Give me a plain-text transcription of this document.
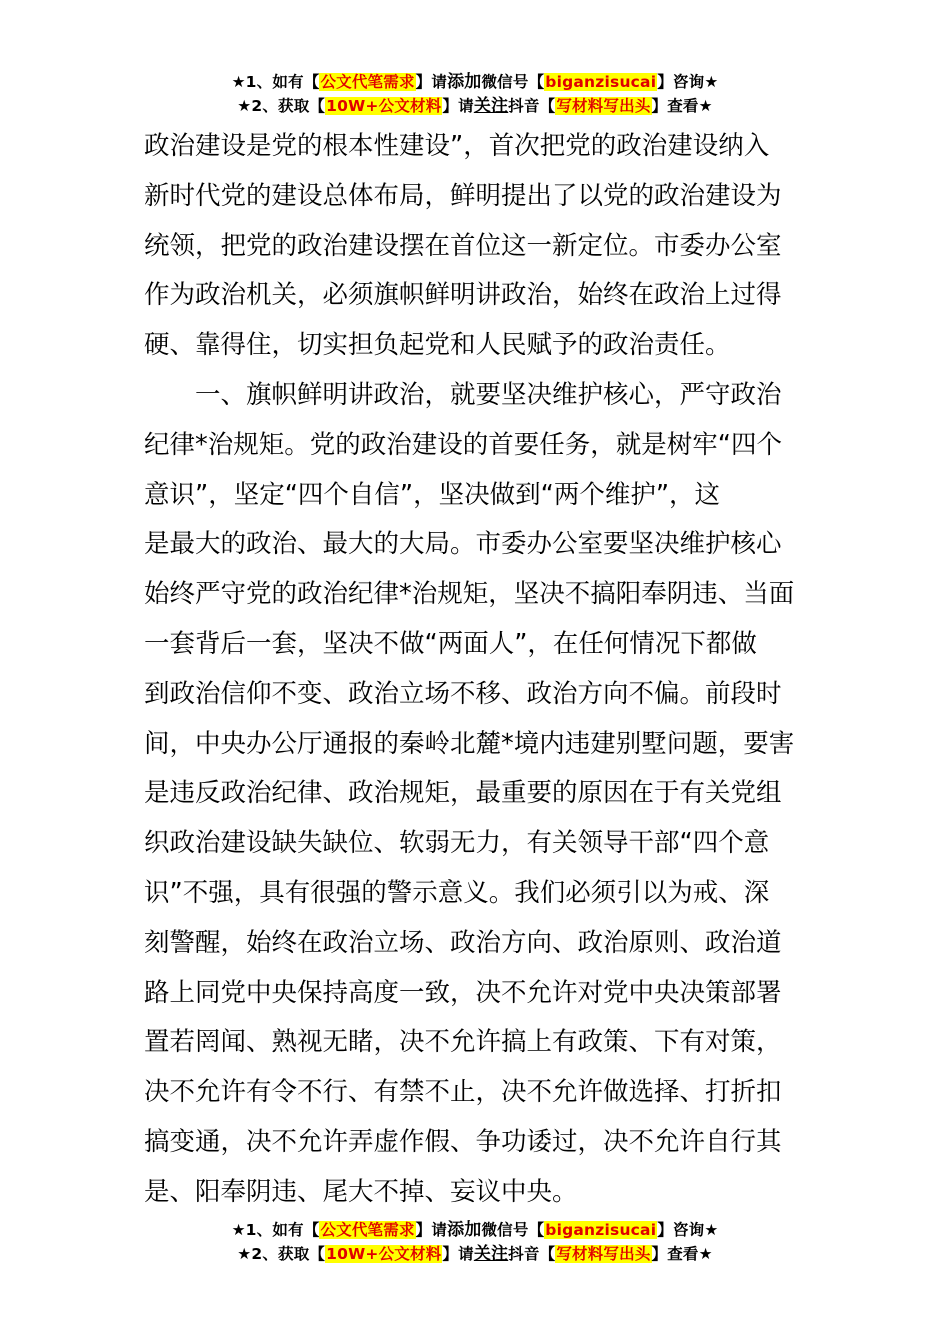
★1、如有【公文代笔需求】请添加微信号【biganzisucai】咨询★
★2、获取【10W+公文材料】请关注抖音【写材料写出头】查看★
政治建设是党的根本性建设”，首次把党的政治建设纳入
新时代党的建设总体布局，鲜明提出了以党的政治建设为
统领，把党的政治建设摆在首位这一新定位。市委办公室
作为政治机关，必须旗帜鲜明讲政治，始终在政治上过得
硬、靠得住，切实担负起党和人民赋予的政治责任。
　　一、旗帜鲜明讲政治，就要坚决维护核心，严守政治
纪律*治规矩。党的政治建设的首要任务，就是树牢“四个
意识”，坚定“四个自信”，坚决做到“两个维护”，这
是最大的政治、最大的大局。市委办公室要坚决维护核心
始终严守党的政治纪律*治规矩，坚决不搞阳奉阴违、当面
一套背后一套，坚决不做“两面人”，在任何情况下都做
到政治信仰不变、政治立场不移、政治方向不偏。前段时
间，中央办公厅通报的秦岭北麓*境内违建别墅问题，要害
是违反政治纪律、政治规矩，最重要的原因在于有关党组
织政治建设缺失缺位、软弱无力，有关领导干部“四个意
识”不强，具有很强的警示意义。我们必须引以为戒、深
刻警醒，始终在政治立场、政治方向、政治原则、政治道
路上同党中央保持高度一致，决不允许对党中央决策部署
置若罔闻、熟视无睹，决不允许搞上有政策、下有对策，
决不允许有令不行、有禁不止，决不允许做选择、打折扣
搞变通，决不允许弄虚作假、争功诿过，决不允许自行其
是、阳奉阴违、尾大不掉、妄议中央。
★1、如有【公文代笔需求】请添加微信号【biganzisucai】咨询★
★2、获取【10W+公文材料】请关注抖音【写材料写出头】查看★
